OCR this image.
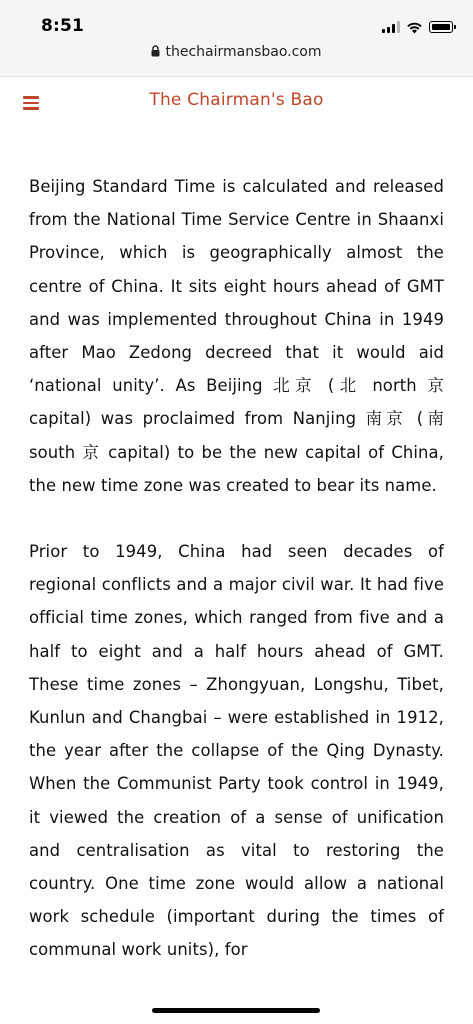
8:51
thechairmansbao.com
The Chairman's Bao

Beijing Standard Time is calculated and released from the National Time Service Centre in Shaanxi Province, which is geographically almost the centre of China. It sits eight hours ahead of GMT and was implemented throughout China in 1949 after Mao Zedong decreed that it would aid ‘national unity’. As Beijing 北京 (北 north 京 capital) was proclaimed from Nanjing 南京 (南 south 京 capital) to be the new capital of China, the new time zone was created to bear its name.

Prior to 1949, China had seen decades of regional conflicts and a major civil war. It had five official time zones, which ranged from five and a half to eight and a half hours ahead of GMT. These time zones – Zhongyuan, Longshu, Tibet, Kunlun and Changbai – were established in 1912, the year after the collapse of the Qing Dynasty. When the Communist Party took control in 1949, it viewed the creation of a sense of unification and centralisation as vital to restoring the country. One time zone would allow a national work schedule (important during the times of communal work units), for
